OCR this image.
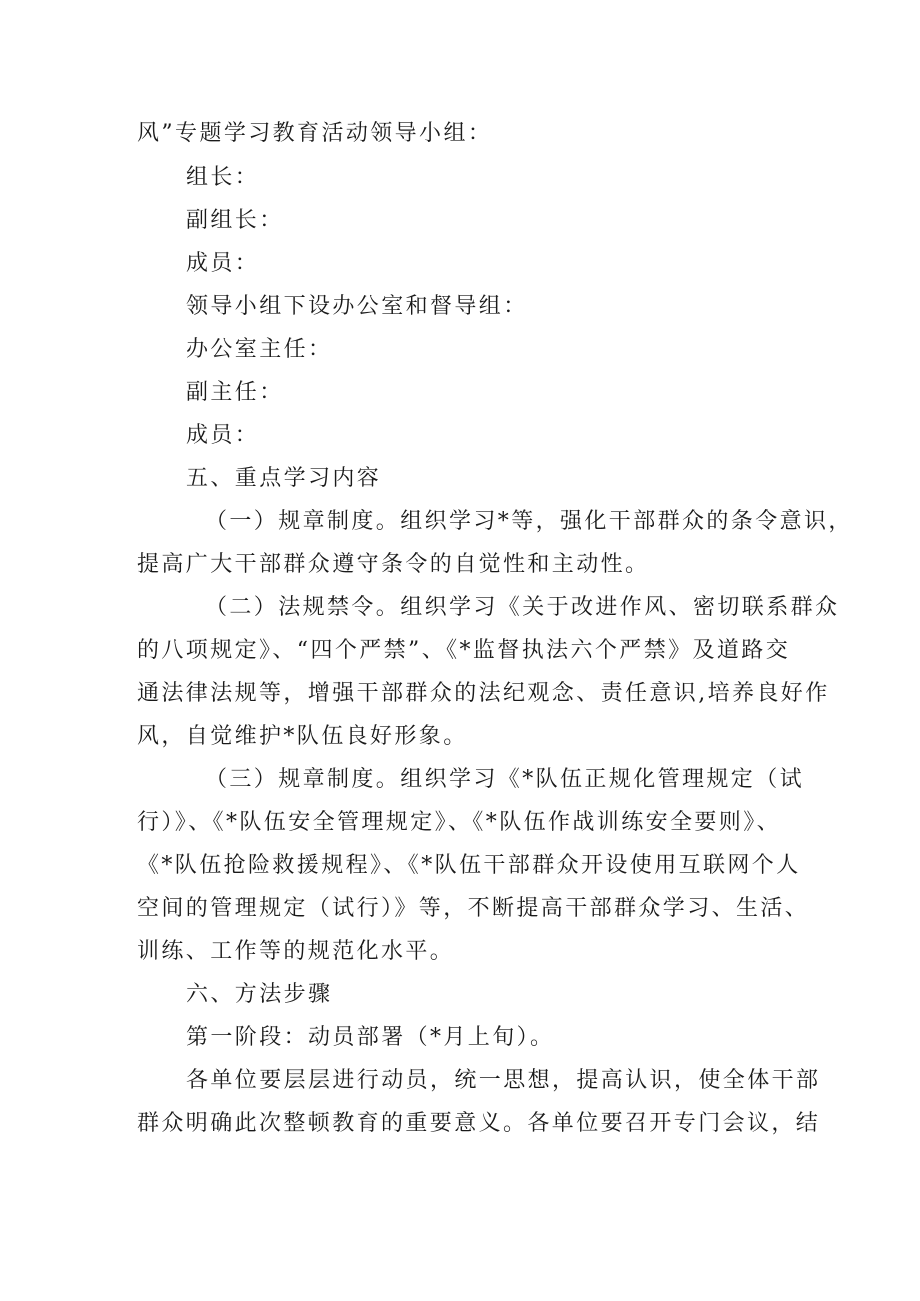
风”专题学习教育活动领导小组：
组长：
副组长：
成员：
领导小组下设办公室和督导组：
办公室主任：
副主任：
成员：
五、重点学习内容
（一）规章制度。组织学习*等，强化干部群众的条令意识，
提高广大干部群众遵守条令的自觉性和主动性。
（二）法规禁令。组织学习《关于改进作风、密切联系群众
的八项规定》、“四个严禁”、《*监督执法六个严禁》及道路交
通法律法规等，增强干部群众的法纪观念、责任意识,培养良好作
风，自觉维护*队伍良好形象。
（三）规章制度。组织学习《*队伍正规化管理规定（试
行）》、《*队伍安全管理规定》、《*队伍作战训练安全要则》、
《*队伍抢险救援规程》、《*队伍干部群众开设使用互联网个人
空间的管理规定（试行）》等，不断提高干部群众学习、生活、
训练、工作等的规范化水平。
六、方法步骤
第一阶段：动员部署（*月上旬）。
各单位要层层进行动员，统一思想，提高认识，使全体干部
群众明确此次整顿教育的重要意义。各单位要召开专门会议，结
